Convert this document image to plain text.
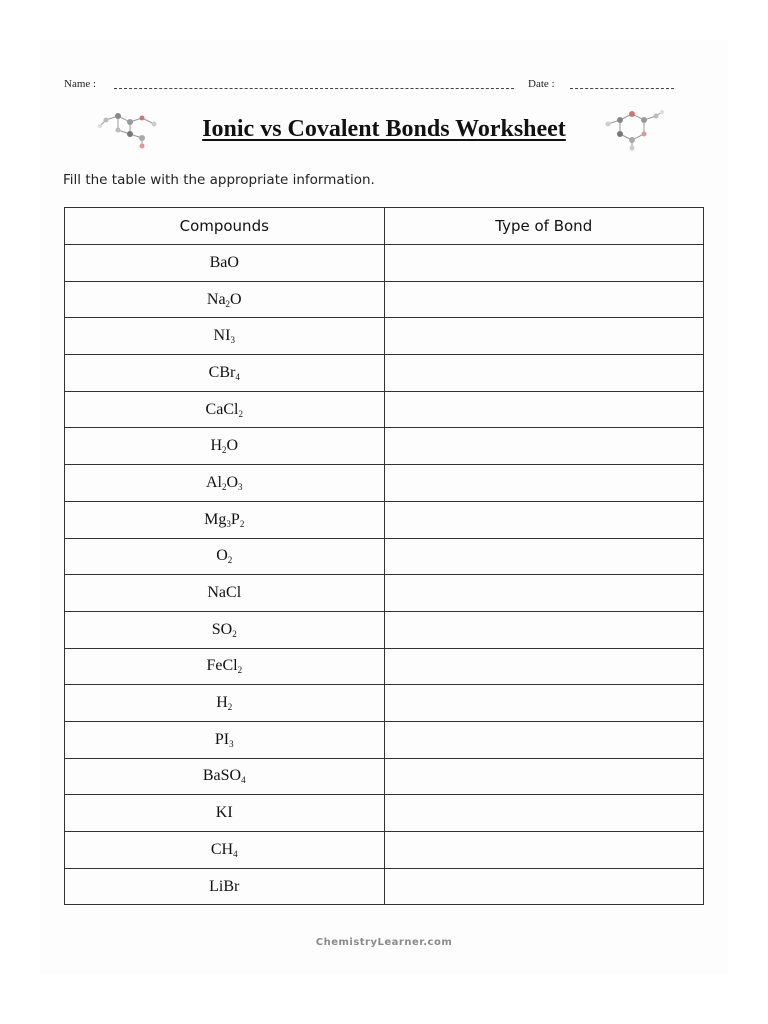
Name :	Date :
Ionic vs Covalent Bonds Worksheet
Fill the table with the appropriate information.
Compounds	Type of Bond
BaO	
$Na_2O$	
$NI_3$	
CBr$_4$	
CaCl$_2$	
$H_2O$	
$Al_2O_3$	
$Mg_3P_2$	
$O_2$	
NaCl	
$SO_2$	
FeCl$_2$	
$H_2$	
$PI_3$	
BaSO$_4$	
KI	
$CH_4$	
LiBr	
ChemistryLearner.com
